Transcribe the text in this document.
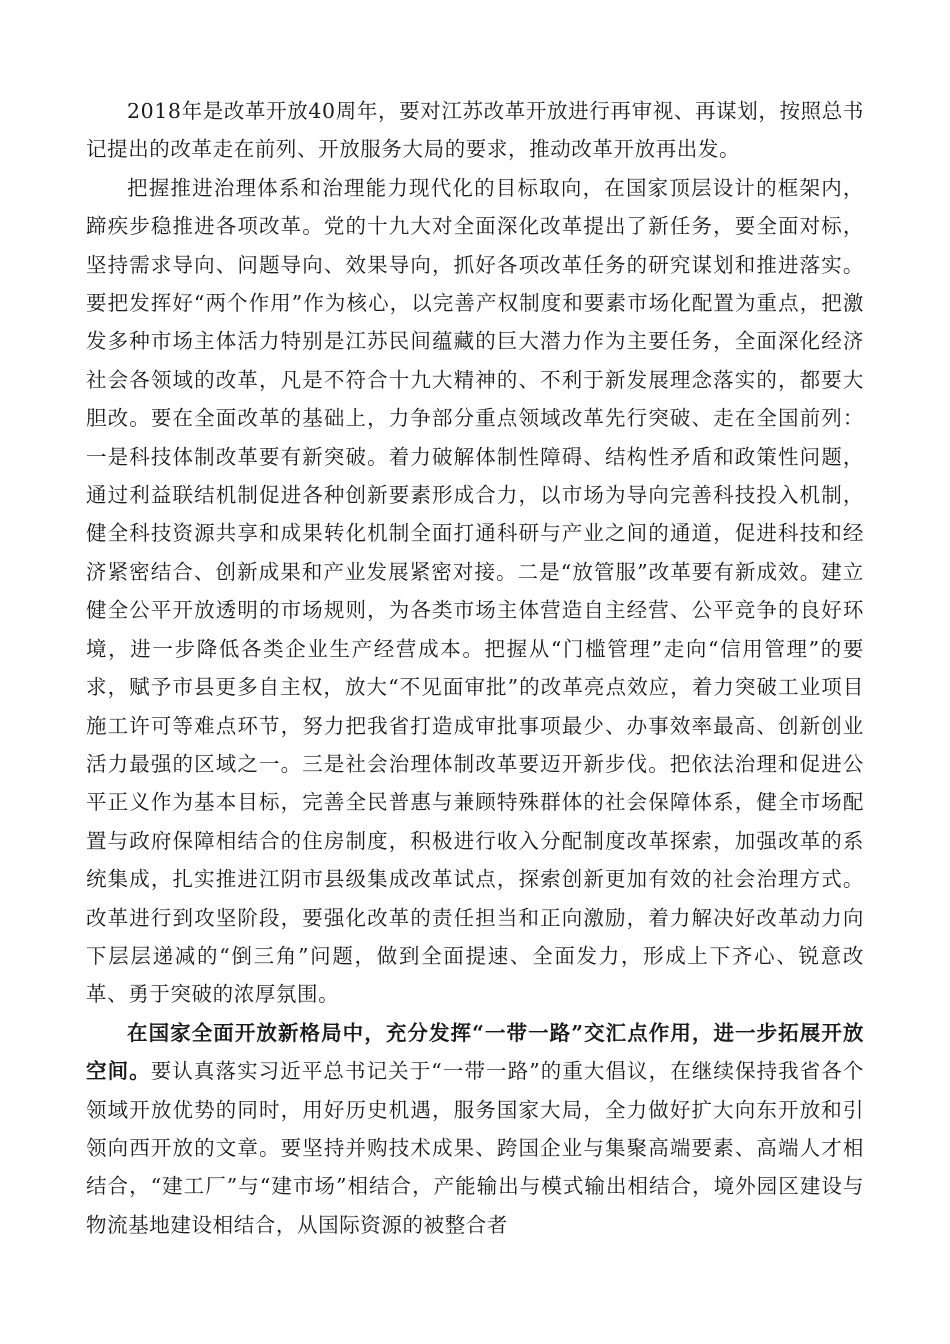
2018年是改革开放40周年，要对江苏改革开放进行再审视、再谋划，按照总书记提出的改革走在前列、开放服务大局的要求，推动改革开放再出发。

把握推进治理体系和治理能力现代化的目标取向，在国家顶层设计的框架内，蹄疾步稳推进各项改革。党的十九大对全面深化改革提出了新任务，要全面对标，坚持需求导向、问题导向、效果导向，抓好各项改革任务的研究谋划和推进落实。要把发挥好“两个作用”作为核心，以完善产权制度和要素市场化配置为重点，把激发多种市场主体活力特别是江苏民间蕴藏的巨大潜力作为主要任务，全面深化经济社会各领域的改革，凡是不符合十九大精神的、不利于新发展理念落实的，都要大胆改。要在全面改革的基础上，力争部分重点领域改革先行突破、走在全国前列：一是科技体制改革要有新突破。着力破解体制性障碍、结构性矛盾和政策性问题，通过利益联结机制促进各种创新要素形成合力，以市场为导向完善科技投入机制，健全科技资源共享和成果转化机制全面打通科研与产业之间的通道，促进科技和经济紧密结合、创新成果和产业发展紧密对接。二是“放管服”改革要有新成效。建立健全公平开放透明的市场规则，为各类市场主体营造自主经营、公平竞争的良好环境，进一步降低各类企业生产经营成本。把握从“门槛管理”走向“信用管理”的要求，赋予市县更多自主权，放大“不见面审批”的改革亮点效应，着力突破工业项目施工许可等难点环节，努力把我省打造成审批事项最少、办事效率最高、创新创业活力最强的区域之一。三是社会治理体制改革要迈开新步伐。把依法治理和促进公平正义作为基本目标，完善全民普惠与兼顾特殊群体的社会保障体系，健全市场配置与政府保障相结合的住房制度，积极进行收入分配制度改革探索，加强改革的系统集成，扎实推进江阴市县级集成改革试点，探索创新更加有效的社会治理方式。改革进行到攻坚阶段，要强化改革的责任担当和正向激励，着力解决好改革动力向下层层递减的“倒三角”问题，做到全面提速、全面发力，形成上下齐心、锐意改革、勇于突破的浓厚氛围。

在国家全面开放新格局中，充分发挥“一带一路”交汇点作用，进一步拓展开放空间。要认真落实习近平总书记关于“一带一路”的重大倡议，在继续保持我省各个领域开放优势的同时，用好历史机遇，服务国家大局，全力做好扩大向东开放和引领向西开放的文章。要坚持并购技术成果、跨国企业与集聚高端要素、高端人才相结合，“建工厂”与“建市场”相结合，产能输出与模式输出相结合，境外园区建设与物流基地建设相结合，从国际资源的被整合者
